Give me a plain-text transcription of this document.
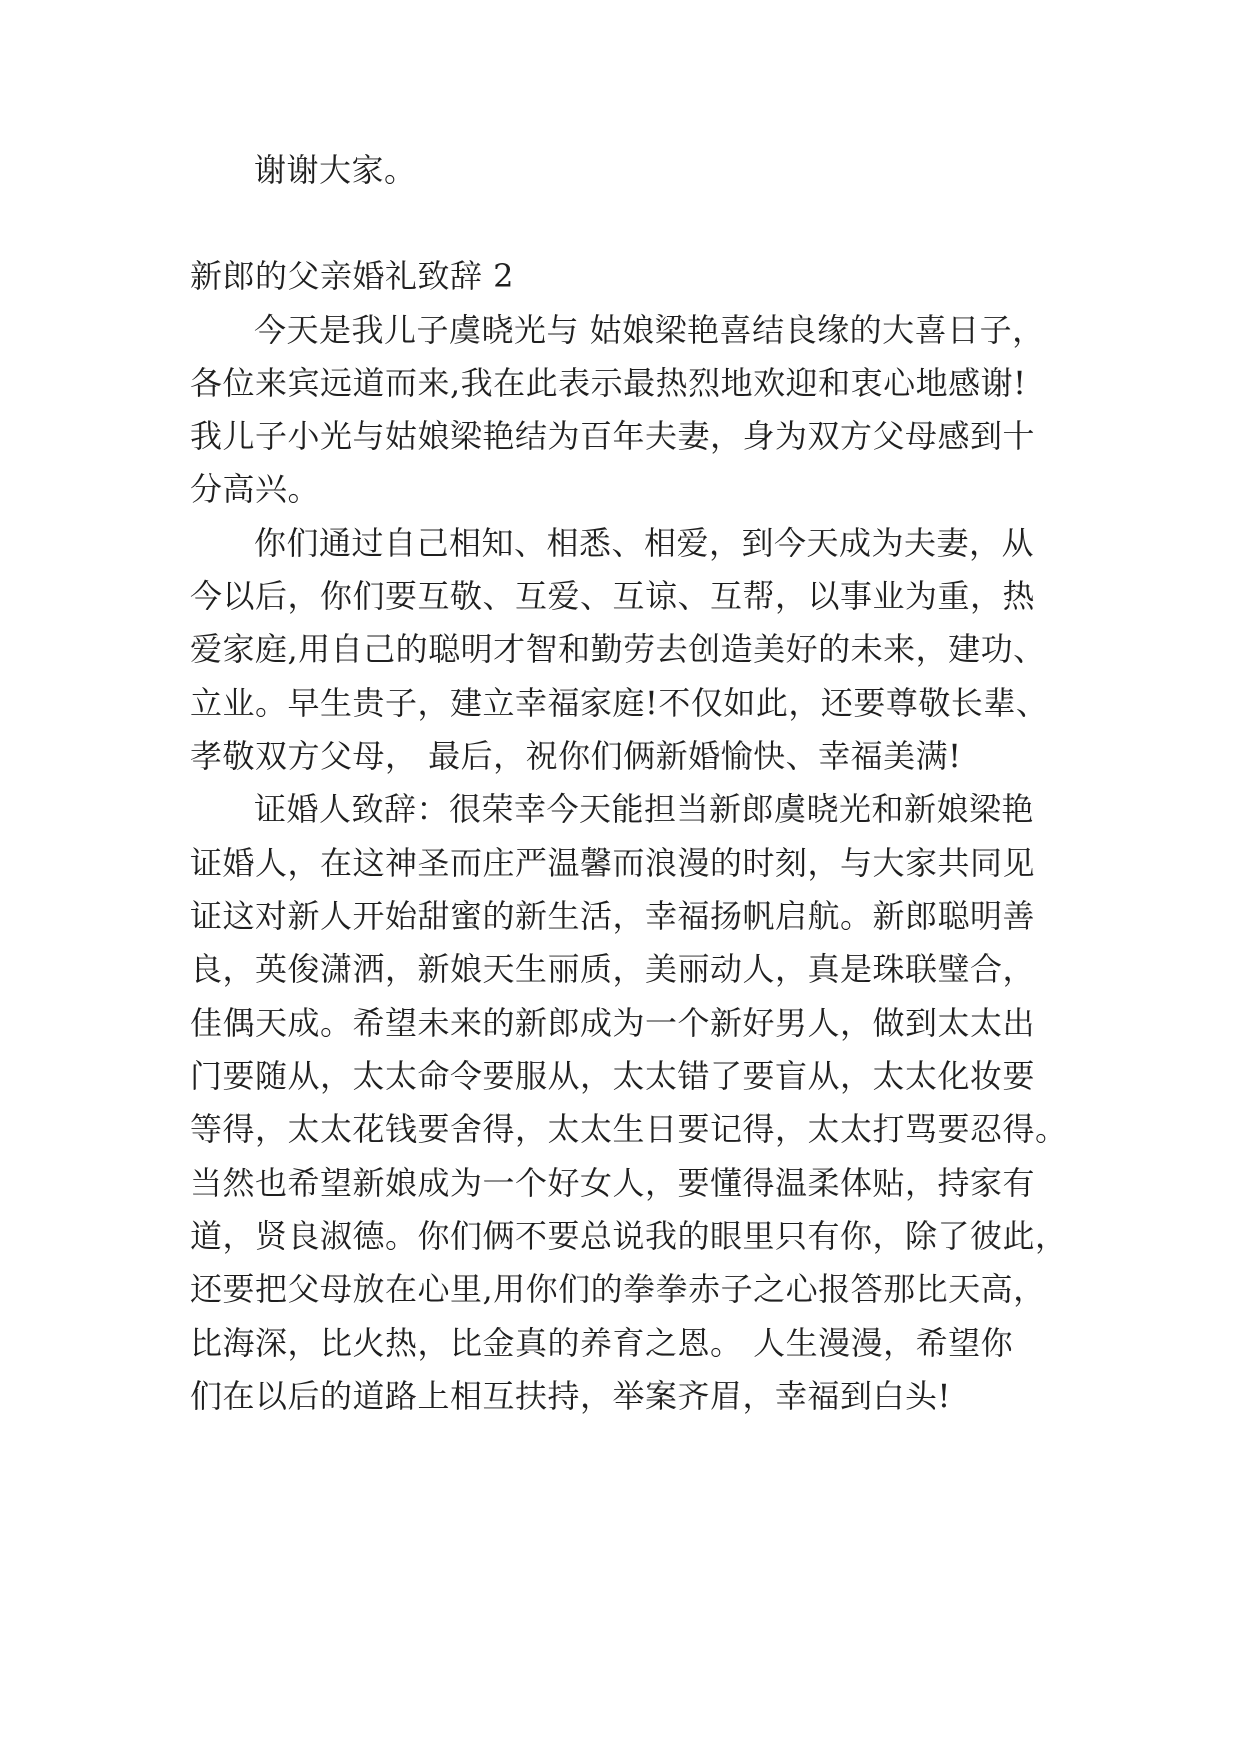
谢谢大家。
新郎的父亲婚礼致辞 2
今天是我儿子虞晓光与 姑娘梁艳喜结良缘的大喜日子，
各位来宾远道而来,我在此表示最热烈地欢迎和衷心地感谢!
我儿子小光与姑娘梁艳结为百年夫妻，身为双方父母感到十
分高兴。
你们通过自己相知、相悉、相爱，到今天成为夫妻，从
今以后，你们要互敬、互爱、互谅、互帮，以事业为重，热
爱家庭,用自己的聪明才智和勤劳去创造美好的未来，建功、
立业。早生贵子，建立幸福家庭!不仅如此，还要尊敬长辈、
孝敬双方父母， 最后，祝你们俩新婚愉快、幸福美满!
证婚人致辞：很荣幸今天能担当新郎虞晓光和新娘梁艳
证婚人，在这神圣而庄严温馨而浪漫的时刻，与大家共同见
证这对新人开始甜蜜的新生活，幸福扬帆启航。新郎聪明善
良，英俊潇洒，新娘天生丽质，美丽动人，真是珠联璧合，
佳偶天成。希望未来的新郎成为一个新好男人，做到太太出
门要随从，太太命令要服从，太太错了要盲从，太太化妆要
等得，太太花钱要舍得，太太生日要记得，太太打骂要忍得。
当然也希望新娘成为一个好女人，要懂得温柔体贴，持家有
道，贤良淑德。你们俩不要总说我的眼里只有你，除了彼此，
还要把父母放在心里,用你们的拳拳赤子之心报答那比天高，
比海深，比火热，比金真的养育之恩。 人生漫漫，希望你
们在以后的道路上相互扶持，举案齐眉，幸福到白头!
